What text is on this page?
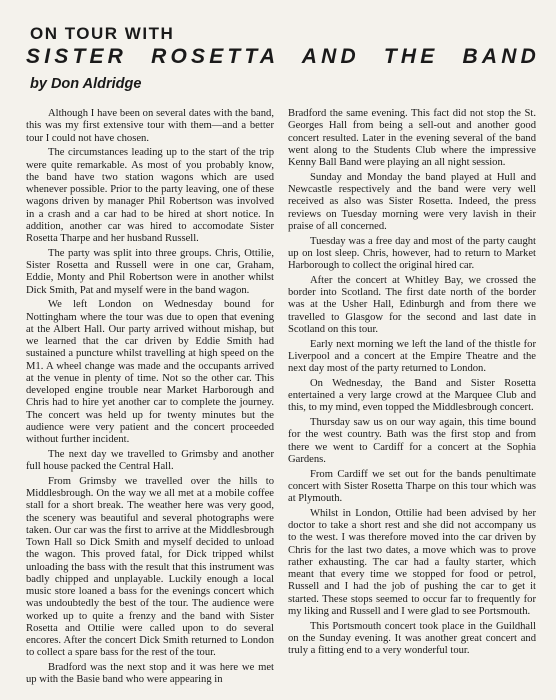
ON TOUR WITH
SISTER ROSETTA AND THE BAND
by Don Aldridge

Although I have been on several dates with the band, this was my first extensive tour with them—and a better tour I could not have chosen.

The circumstances leading up to the start of the trip were quite remarkable. As most of you probably know, the band have two station wagons which are used whenever possible. Prior to the party leaving, one of these wagons driven by manager Phil Robertson was involved in a crash and a car had to be hired at short notice. In addition, another car was hired to accomodate Sister Rosetta Tharpe and her husband Russell.

The party was split into three groups. Chris, Ottilie, Sister Rosetta and Russell were in one car, Graham, Eddie, Monty and Phil Robertson were in another whilst Dick Smith, Pat and myself were in the band wagon.

We left London on Wednesday bound for Nottingham where the tour was due to open that evening at the Albert Hall. Our party arrived without mishap, but we learned that the car driven by Eddie Smith had sustained a puncture whilst travelling at high speed on the M1. A wheel change was made and the occupants arrived at the venue in plenty of time. Not so the other car. This developed engine trouble near Market Harborough and Chris had to hire yet another car to complete the journey. The concert was held up for twenty minutes but the audience were very patient and the concert proceeded without further incident.

The next day we travelled to Grimsby and another full house packed the Central Hall.

From Grimsby we travelled over the hills to Middlesbrough. On the way we all met at a mobile coffee stall for a short break. The weather here was very good, the scenery was beautiful and several photographs were taken. Our car was the first to arrive at the Middlesbrough Town Hall so Dick Smith and myself decided to unload the wagon. This proved fatal, for Dick tripped whilst unloading the bass with the result that this instrument was badly chipped and unplayable. Luckily enough a local music store loaned a bass for the evenings concert which was undoubtedly the best of the tour. The audience were worked up to quite a frenzy and the band with Sister Rosetta and Ottilie were called upon to do several encores. After the concert Dick Smith returned to London to collect a spare bass for the rest of the tour.

Bradford was the next stop and it was here we met up with the Basie band who were appearing in

Bradford the same evening. This fact did not stop the St. Georges Hall from being a sell-out and another good concert resulted. Later in the evening several of the band went along to the Students Club where the impressive Kenny Ball Band were playing an all night session.

Sunday and Monday the band played at Hull and Newcastle respectively and the band were very well received as also was Sister Rosetta. Indeed, the press reviews on Tuesday morning were very lavish in their praise of all concerned.

Tuesday was a free day and most of the party caught up on lost sleep. Chris, however, had to return to Market Harborough to collect the original hired car.

After the concert at Whitley Bay, we crossed the border into Scotland. The first date north of the border was at the Usher Hall, Edinburgh and from there we travelled to Glasgow for the second and last date in Scotland on this tour.

Early next morning we left the land of the thistle for Liverpool and a concert at the Empire Theatre and the next day most of the party returned to London.

On Wednesday, the Band and Sister Rosetta entertained a very large crowd at the Marquee Club and this, to my mind, even topped the Middlesbrough concert.

Thursday saw us on our way again, this time bound for the west country. Bath was the first stop and from there we went to Cardiff for a concert at the Sophia Gardens.

From Cardiff we set out for the bands penultimate concert with Sister Rosetta Tharpe on this tour which was at Plymouth.

Whilst in London, Ottilie had been advised by her doctor to take a short rest and she did not accompany us to the west. I was therefore moved into the car driven by Chris for the last two dates, a move which was to prove rather exhausting. The car had a faulty starter, which meant that every time we stopped for food or petrol, Russell and I had the job of pushing the car to get it started. These stops seemed to occur far to frequently for my liking and Russell and I were glad to see Portsmouth.

This Portsmouth concert took place in the Guildhall on the Sunday evening. It was another great concert and truly a fitting end to a very wonderful tour.
